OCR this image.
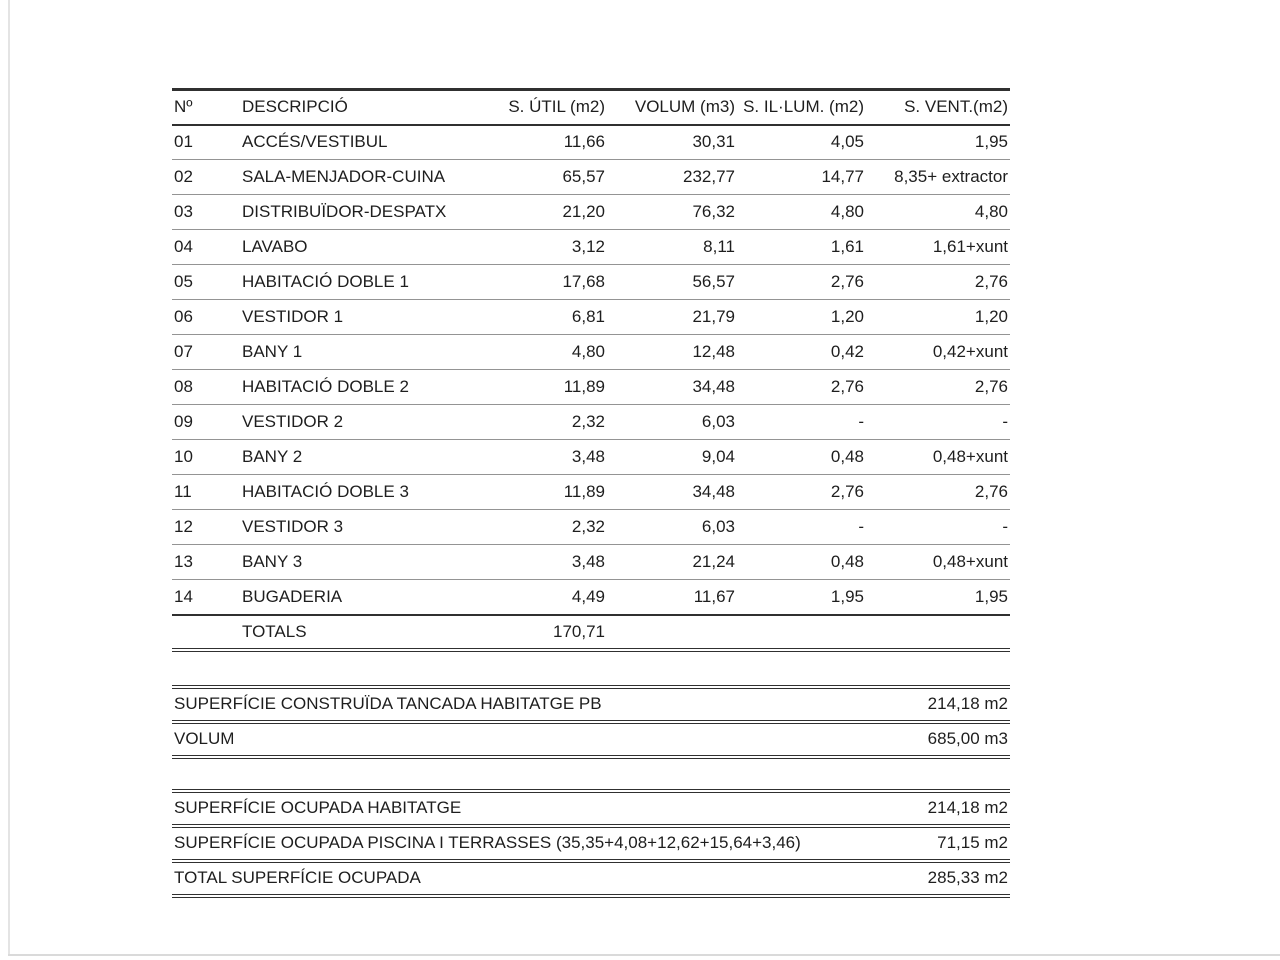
Nº	DESCRIPCIÓ	S. ÚTIL (m2)	VOLUM (m3)	S. IL·LUM. (m2)	S. VENT.(m2)
01	ACCÉS/VESTIBUL	11,66	30,31	4,05	1,95
02	SALA-MENJADOR-CUINA	65,57	232,77	14,77	8,35+ extractor
03	DISTRIBUÏDOR-DESPATX	21,20	76,32	4,80	4,80
04	LAVABO	3,12	8,11	1,61	1,61+xunt
05	HABITACIÓ DOBLE 1	17,68	56,57	2,76	2,76
06	VESTIDOR 1	6,81	21,79	1,20	1,20
07	BANY 1	4,80	12,48	0,42	0,42+xunt
08	HABITACIÓ DOBLE 2	11,89	34,48	2,76	2,76
09	VESTIDOR 2	2,32	6,03	-	-
10	BANY 2	3,48	9,04	0,48	0,48+xunt
11	HABITACIÓ DOBLE 3	11,89	34,48	2,76	2,76
12	VESTIDOR 3	2,32	6,03	-	-
13	BANY 3	3,48	21,24	0,48	0,48+xunt
14	BUGADERIA	4,49	11,67	1,95	1,95
	TOTALS	170,71			
SUPERFÍCIE CONSTRUÏDA TANCADA HABITATGE PB	214,18 m2
VOLUM	685,00 m3
SUPERFÍCIE OCUPADA HABITATGE	214,18 m2
SUPERFÍCIE OCUPADA PISCINA I TERRASSES (35,35+4,08+12,62+15,64+3,46)	71,15 m2
TOTAL SUPERFÍCIE OCUPADA	285,33 m2
